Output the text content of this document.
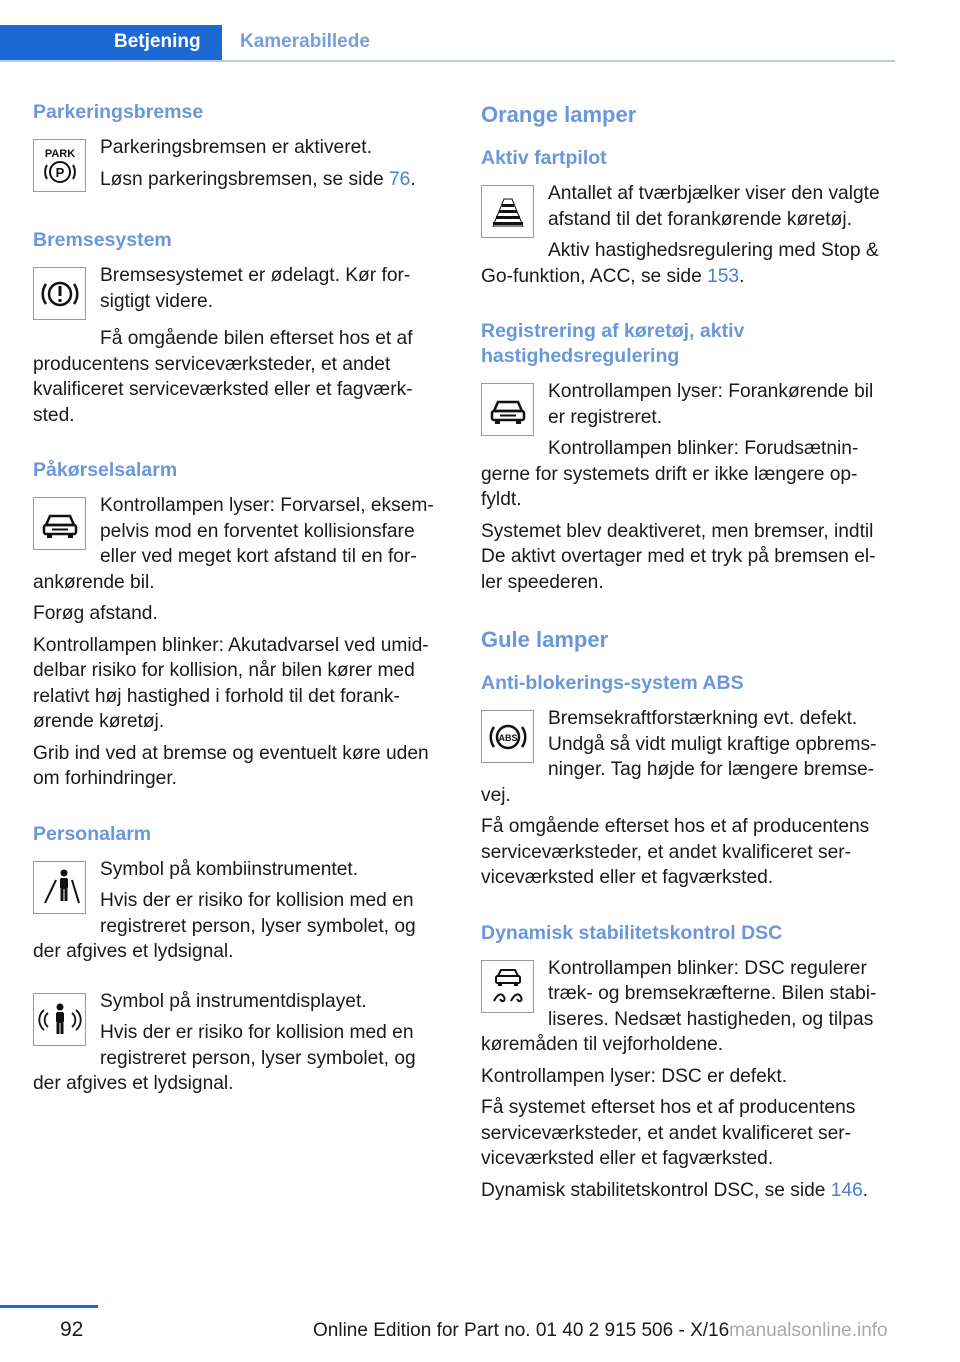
Betjening	Kamerabillede
Parkeringsbremse
PARK
P
Parkeringsbremsen er aktiveret.
Løsn parkeringsbremsen, se side 76.
Bremsesystem
Bremsesystemet er ødelagt. Kør for-
sigtigt videre.
Få omgående bilen efterset hos et af
producentens serviceværksteder, et andet
kvalificeret serviceværksted eller et fagværk-
sted.
Påkørselsalarm
Kontrollampen lyser: Forvarsel, eksem-
pelvis mod en forventet kollisionsfare
eller ved meget kort afstand til en for-
ankørende bil.
Forøg afstand.
Kontrollampen blinker: Akutadvarsel ved umid-
delbar risiko for kollision, når bilen kører med
relativt høj hastighed i forhold til det forank-
ørende køretøj.
Grib ind ved at bremse og eventuelt køre uden
om forhindringer.
Personalarm
Symbol på kombiinstrumentet.
Hvis der er risiko for kollision med en
registreret person, lyser symbolet, og
der afgives et lydsignal.
Symbol på instrumentdisplayet.
Hvis der er risiko for kollision med en
registreret person, lyser symbolet, og
der afgives et lydsignal.
Orange lamper
Aktiv fartpilot
Antallet af tværbjælker viser den valgte
afstand til det forankørende køretøj.
Aktiv hastighedsregulering med Stop &
Go-funktion, ACC, se side 153.
Registrering af køretøj, aktiv
hastighedsregulering
Kontrollampen lyser: Forankørende bil
er registreret.
Kontrollampen blinker: Forudsætnin-
gerne for systemets drift er ikke længere op-
fyldt.
Systemet blev deaktiveret, men bremser, indtil
De aktivt overtager med et tryk på bremsen el-
ler speederen.
Gule lamper
Anti-blokerings-system ABS
ABS
Bremsekraftforstærkning evt. defekt.
Undgå så vidt muligt kraftige opbrems-
ninger. Tag højde for længere bremse-
vej.
Få omgående efterset hos et af producentens
serviceværksteder, et andet kvalificeret ser-
viceværksted eller et fagværksted.
Dynamisk stabilitetskontrol DSC
Kontrollampen blinker: DSC regulerer
træk- og bremsekræfterne. Bilen stabi-
liseres. Nedsæt hastigheden, og tilpas
køremåden til vejforholdene.
Kontrollampen lyser: DSC er defekt.
Få systemet efterset hos et af producentens
serviceværksteder, et andet kvalificeret ser-
viceværksted eller et fagværksted.
Dynamisk stabilitetskontrol DSC, se side 146.
92	Online Edition for Part no. 01 40 2 915 506 - X/16manualsonline.info
